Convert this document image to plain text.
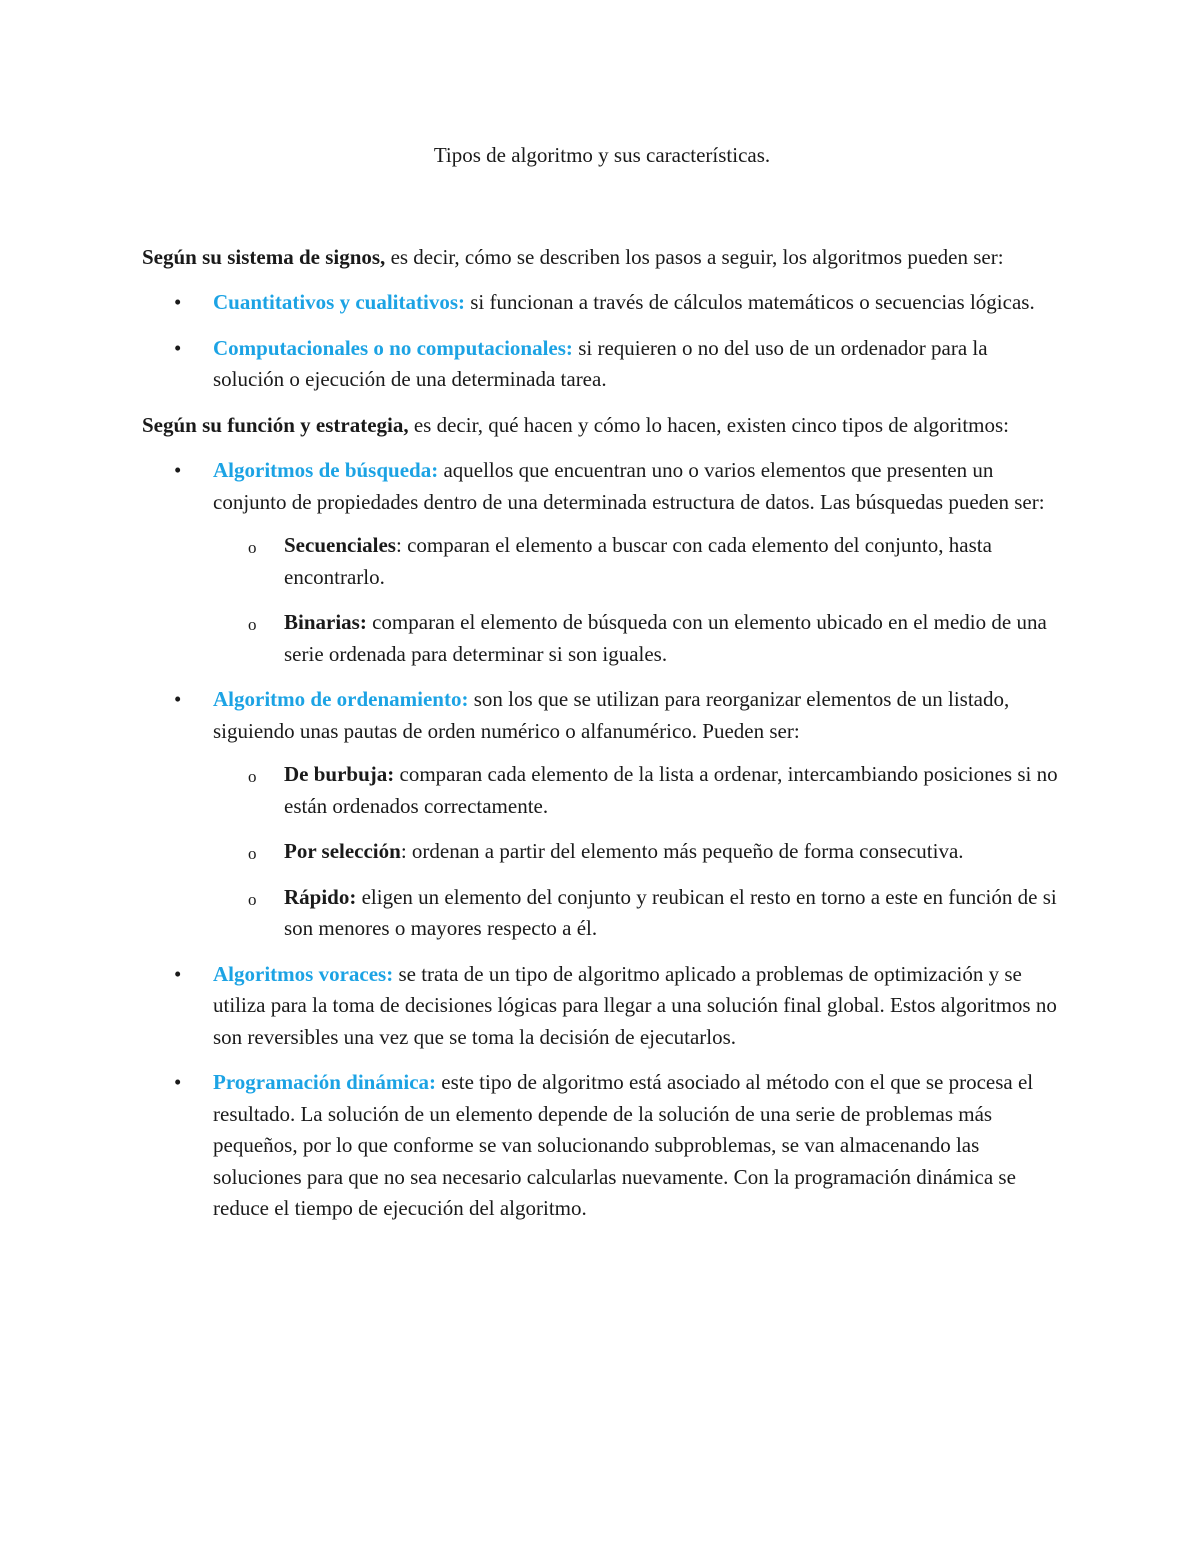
Tipos de algoritmo y sus características.

Según su sistema de signos, es decir, cómo se describen los pasos a seguir, los algoritmos pueden ser:

• Cuantitativos y cualitativos: si funcionan a través de cálculos matemáticos o secuencias lógicas.
• Computacionales o no computacionales: si requieren o no del uso de un ordenador para la solución o ejecución de una determinada tarea.

Según su función y estrategia, es decir, qué hacen y cómo lo hacen, existen cinco tipos de algoritmos:

• Algoritmos de búsqueda: aquellos que encuentran uno o varios elementos que presenten un conjunto de propiedades dentro de una determinada estructura de datos. Las búsquedas pueden ser:
o Secuenciales: comparan el elemento a buscar con cada elemento del conjunto, hasta encontrarlo.
o Binarias: comparan el elemento de búsqueda con un elemento ubicado en el medio de una serie ordenada para determinar si son iguales.
• Algoritmo de ordenamiento: son los que se utilizan para reorganizar elementos de un listado, siguiendo unas pautas de orden numérico o alfanumérico. Pueden ser:
o De burbuja: comparan cada elemento de la lista a ordenar, intercambiando posiciones si no están ordenados correctamente.
o Por selección: ordenan a partir del elemento más pequeño de forma consecutiva.
o Rápido: eligen un elemento del conjunto y reubican el resto en torno a este en función de si son menores o mayores respecto a él.
• Algoritmos voraces: se trata de un tipo de algoritmo aplicado a problemas de optimización y se utiliza para la toma de decisiones lógicas para llegar a una solución final global. Estos algoritmos no son reversibles una vez que se toma la decisión de ejecutarlos.
• Programación dinámica: este tipo de algoritmo está asociado al método con el que se procesa el resultado. La solución de un elemento depende de la solución de una serie de problemas más pequeños, por lo que conforme se van solucionando subproblemas, se van almacenando las soluciones para que no sea necesario calcularlas nuevamente. Con la programación dinámica se reduce el tiempo de ejecución del algoritmo.
